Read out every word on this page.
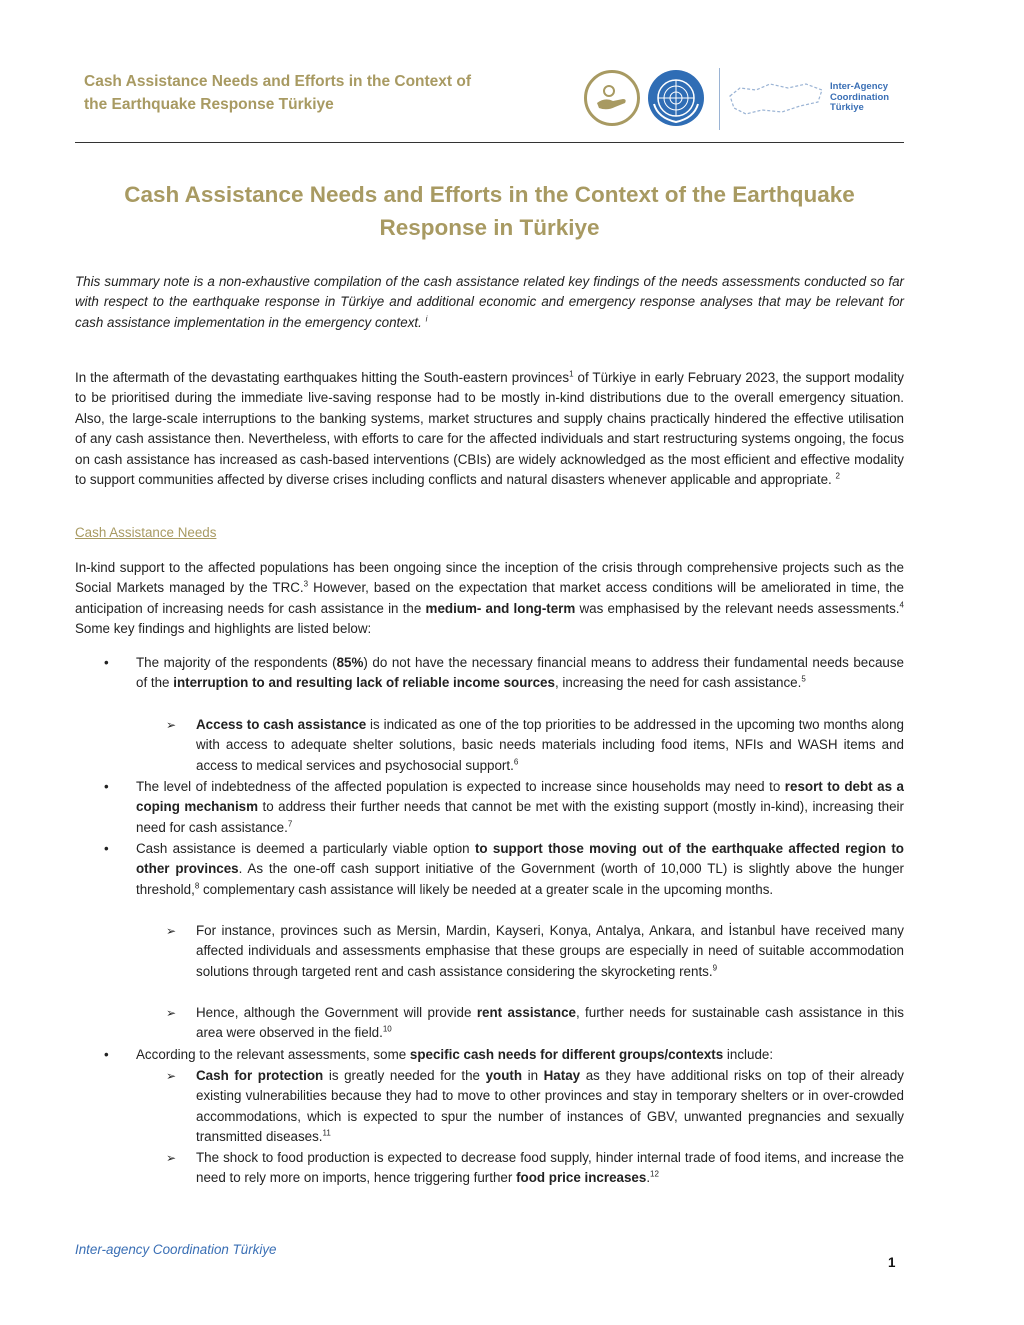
Cash Assistance Needs and Efforts in the Context of
the Earthquake Response Türkiye
Inter-Agency
Coordination
Türkiye
Cash Assistance Needs and Efforts in the Context of the Earthquake
Response in Türkiye
This summary note is a non-exhaustive compilation of the cash assistance related key findings of the needs assessments conducted so far with respect to the earthquake response in Türkiye and additional economic and emergency response analyses that may be relevant for cash assistance implementation in the emergency context. $^i$
In the aftermath of the devastating earthquakes hitting the South-eastern provinces$^1$ of Türkiye in early February 2023, the support modality to be prioritised during the immediate live-saving response had to be mostly in-kind distributions due to the overall emergency situation. Also, the large-scale interruptions to the banking systems, market structures and supply chains practically hindered the effective utilisation of any cash assistance then. Nevertheless, with efforts to care for the affected individuals and start restructuring systems ongoing, the focus on cash assistance has increased as cash-based interventions (CBIs) are widely acknowledged as the most efficient and effective modality to support communities affected by diverse crises including conflicts and natural disasters whenever applicable and appropriate. $^2$
Cash Assistance Needs
In-kind support to the affected populations has been ongoing since the inception of the crisis through comprehensive projects such as the Social Markets managed by the TRC.$^3$ However, based on the expectation that market access conditions will be ameliorated in time, the anticipation of increasing needs for cash assistance in the medium- and long-term was emphasised by the relevant needs assessments.$^4$ Some key findings and highlights are listed below:
• The majority of the respondents (85%) do not have the necessary financial means to address their fundamental needs because of the interruption to and resulting lack of reliable income sources, increasing the need for cash assistance.$^5$
➢ Access to cash assistance is indicated as one of the top priorities to be addressed in the upcoming two months along with access to adequate shelter solutions, basic needs materials including food items, NFIs and WASH items and access to medical services and psychosocial support.$^6$
• The level of indebtedness of the affected population is expected to increase since households may need to resort to debt as a coping mechanism to address their further needs that cannot be met with the existing support (mostly in-kind), increasing their need for cash assistance.$^7$
• Cash assistance is deemed a particularly viable option to support those moving out of the earthquake affected region to other provinces. As the one-off cash support initiative of the Government (worth of 10,000 TL) is slightly above the hunger threshold,$^8$ complementary cash assistance will likely be needed at a greater scale in the upcoming months.
➢ For instance, provinces such as Mersin, Mardin, Kayseri, Konya, Antalya, Ankara, and İstanbul have received many affected individuals and assessments emphasise that these groups are especially in need of suitable accommodation solutions through targeted rent and cash assistance considering the skyrocketing rents.$^9$
➢ Hence, although the Government will provide rent assistance, further needs for sustainable cash assistance in this area were observed in the field.$^{10}$
• According to the relevant assessments, some specific cash needs for different groups/contexts include:
➢ Cash for protection is greatly needed for the youth in Hatay as they have additional risks on top of their already existing vulnerabilities because they had to move to other provinces and stay in temporary shelters or in over-crowded accommodations, which is expected to spur the number of instances of GBV, unwanted pregnancies and sexually transmitted diseases.$^{11}$
➢ The shock to food production is expected to decrease food supply, hinder internal trade of food items, and increase the need to rely more on imports, hence triggering further food price increases.$^{12}$
Inter-agency Coordination Türkiye
1
